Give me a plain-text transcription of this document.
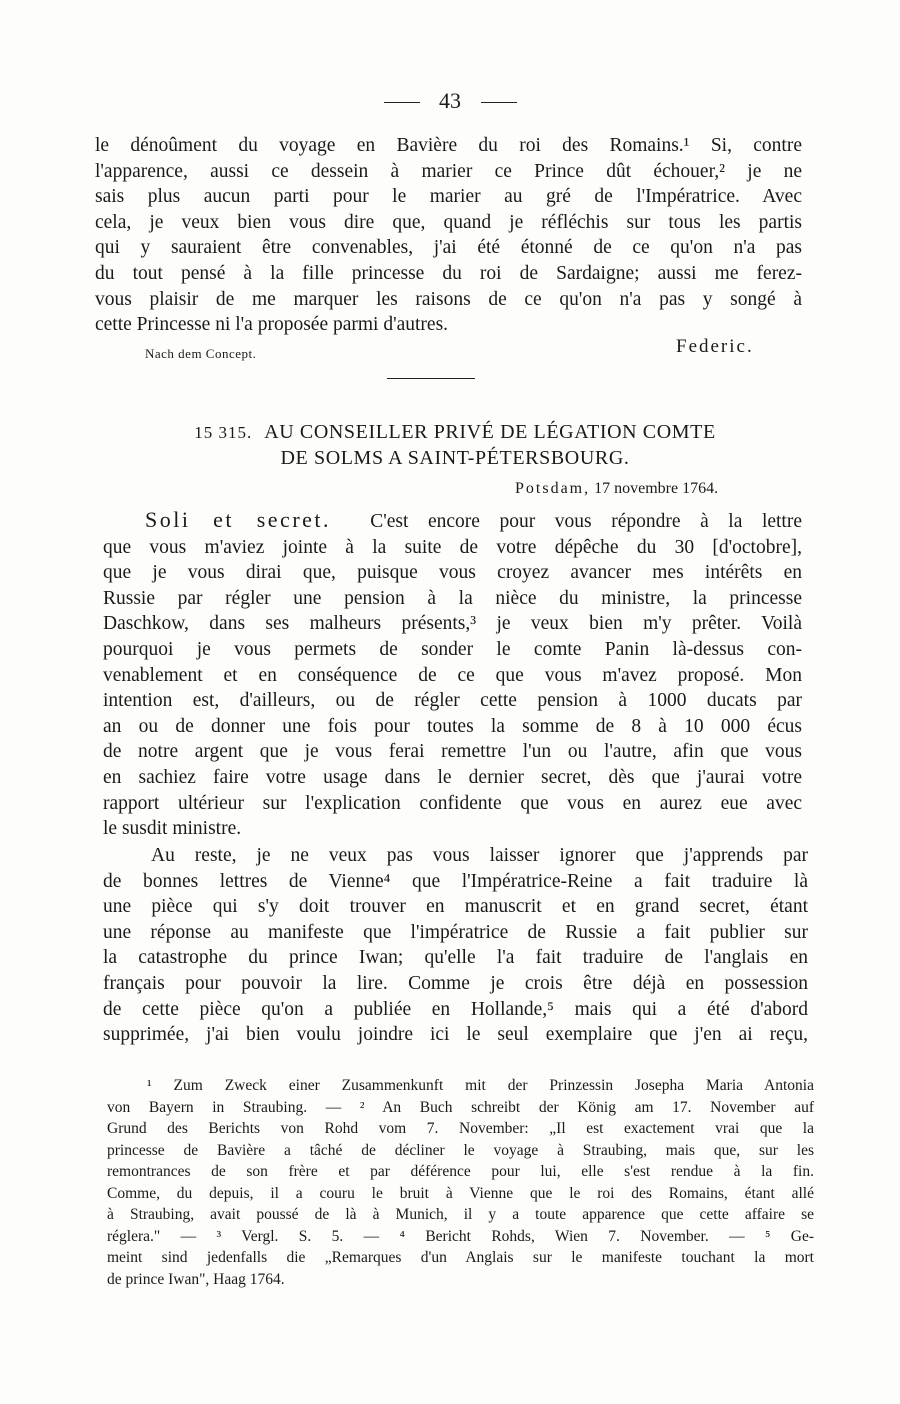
43
le dénoûment du voyage en Bavière du roi des Romains.¹ Si, contre
l'apparence, aussi ce dessein à marier ce Prince dût échouer,² je ne
sais plus aucun parti pour le marier au gré de l'Impératrice. Avec
cela, je veux bien vous dire que, quand je réfléchis sur tous les partis
qui y sauraient être convenables, j'ai été étonné de ce qu'on n'a pas
du tout pensé à la fille princesse du roi de Sardaigne; aussi me ferez-
vous plaisir de me marquer les raisons de ce qu'on n'a pas y songé à
cette Princesse ni l'a proposée parmi d'autres.
Nach dem Concept.	Federic.
15 315. AU CONSEILLER PRIVÉ DE LÉGATION COMTE
DE SOLMS A SAINT-PÉTERSBOURG.
Potsdam, 17 novembre 1764.
Soli et secret. C'est encore pour vous répondre à la lettre
que vous m'aviez jointe à la suite de votre dépêche du 30 [d'octobre],
que je vous dirai que, puisque vous croyez avancer mes intérêts en
Russie par régler une pension à la nièce du ministre, la princesse
Daschkow, dans ses malheurs présents,³ je veux bien m'y prêter. Voilà
pourquoi je vous permets de sonder le comte Panin là-dessus con-
venablement et en conséquence de ce que vous m'avez proposé. Mon
intention est, d'ailleurs, ou de régler cette pension à 1000 ducats par
an ou de donner une fois pour toutes la somme de 8 à 10 000 écus
de notre argent que je vous ferai remettre l'un ou l'autre, afin que vous
en sachiez faire votre usage dans le dernier secret, dès que j'aurai votre
rapport ultérieur sur l'explication confidente que vous en aurez eue avec
le susdit ministre.
Au reste, je ne veux pas vous laisser ignorer que j'apprends par
de bonnes lettres de Vienne⁴ que l'Impératrice-Reine a fait traduire là
une pièce qui s'y doit trouver en manuscrit et en grand secret, étant
une réponse au manifeste que l'impératrice de Russie a fait publier sur
la catastrophe du prince Iwan; qu'elle l'a fait traduire de l'anglais en
français pour pouvoir la lire. Comme je crois être déjà en possession
de cette pièce qu'on a publiée en Hollande,⁵ mais qui a été d'abord
supprimée, j'ai bien voulu joindre ici le seul exemplaire que j'en ai reçu,
¹ Zum Zweck einer Zusammenkunft mit der Prinzessin Josepha Maria Antonia
von Bayern in Straubing. — ² An Buch schreibt der König am 17. November auf
Grund des Berichts von Rohd vom 7. November: „Il est exactement vrai que la
princesse de Bavière a tâché de décliner le voyage à Straubing, mais que, sur les
remontrances de son frère et par déférence pour lui, elle s'est rendue à la fin.
Comme, du depuis, il a couru le bruit à Vienne que le roi des Romains, étant allé
à Straubing, avait poussé de là à Munich, il y a toute apparence que cette affaire se
réglera." — ³ Vergl. S. 5. — ⁴ Bericht Rohds, Wien 7. November. — ⁵ Ge-
meint sind jedenfalls die „Remarques d'un Anglais sur le manifeste touchant la mort
de prince Iwan", Haag 1764.
